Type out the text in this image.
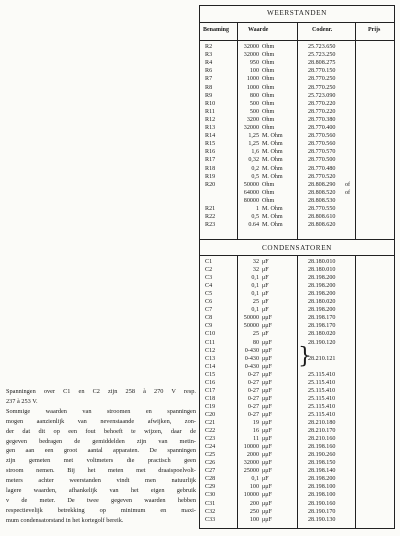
Spanningen over C1 en C2 zijn 258 à 270 V resp.
237 à 253 V.
Sommige waarden van stroomen en spanningen
mogen aanzienlijk van nevenstaande afwijken, zon-
der dat dit op een fout behoeft te wijzen, daar de
gegeven bedragen de gemiddelden zijn van metin-
gen aan een groot aantal apparaten. De spanningen
zijn gemeten met voltmeters die practisch geen
stroom nemen. Bij het meten met draaispoelvolt-
meters achter weerstanden vindt men natuurlijk
lagere waarden, afhankelijk van het eigen gebruik
v de meter. De twee gegeven waarden hebben
respectievelijk betrekking op minimum en maxi-
mum condensatorstand in het kortegolf bereik.
WEERSTANDEN
Benaming	Waarde	Codenr.	Prijs
CONDENSATOREN
}
R2	32000 Ohm	25.723.650
R3	32000 Ohm	25.723.250
R4	950 Ohm	28.808.275
R6	100 Ohm	28.770.150
R7	1000 Ohm	28.770.250
R8	1000 Ohm	28.770.250
R9	800 Ohm	25.723.090
R10	500 Ohm	28.770.220
R11	500 Ohm	28.770.220
R12	3200 Ohm	28.770.380
R13	32000 Ohm	28.770.400
R14	1,25 M. Ohm	28.770.560
R15	1,25 M. Ohm	28.770.560
R16	1,6 M. Ohm	28.770.570
R17	0,32 M. Ohm	28.770.500
R18	0,2 M. Ohm	28.770.480
R19	0,5 M. Ohm	28.770.520
R20	50000 Ohm	28.808.290 of
64000 Ohm	28.808.520 of
80000 Ohm	28.808.530
R21	1 M. Ohm	28.770.550
R22	0,5 M. Ohm	28.808.610
R23	0.64 M. Ohm	28.808.620
C1	32 μF	28.180.010
C2	32 μF	28.180.010
C3	0,1 μF	28.198.200
C4	0,1 μF	28.198.200
C5	0,1 μF	28.198.200
C6	25 μF	28.180.020
C7	0,1 μF	28.198.200
C8	50000 μμF	28.198.170
C9	50000 μμF	28.198.170
C10	25 μF	28.180.020
C11	80 μμF	28.190.120
C12	0-430 μμF
C13	0-430 μμF	28.210.121
C14	0-430 μμF
C15	0-27 μμF	25.115.410
C16	0-27 μμF	25.115.410
C17	0-27 μμF	25.115.410
C18	0-27 μμF	25.115.410
C19	0-27 μμF	25.115.410
C20	0-27 μμF	25.115.410
C21	19 μμF	28.210.180
C22	16 μμF	28.210.170
C23	11 μμF	28.210.160
C24	10000 μμF	28.198.160
C25	2000 μμF	28.190.260
C26	32000 μμF	28.198.150
C27	25000 μμF	28.198.140
C28	0,1 μF	28.198.200
C29	100 μμF	28.198.100
C30	10000 μμF	28.198.100
C31	200 μμF	28.190.160
C32	250 μμF	28.190.170
C33	100 μμF	28.190.130
